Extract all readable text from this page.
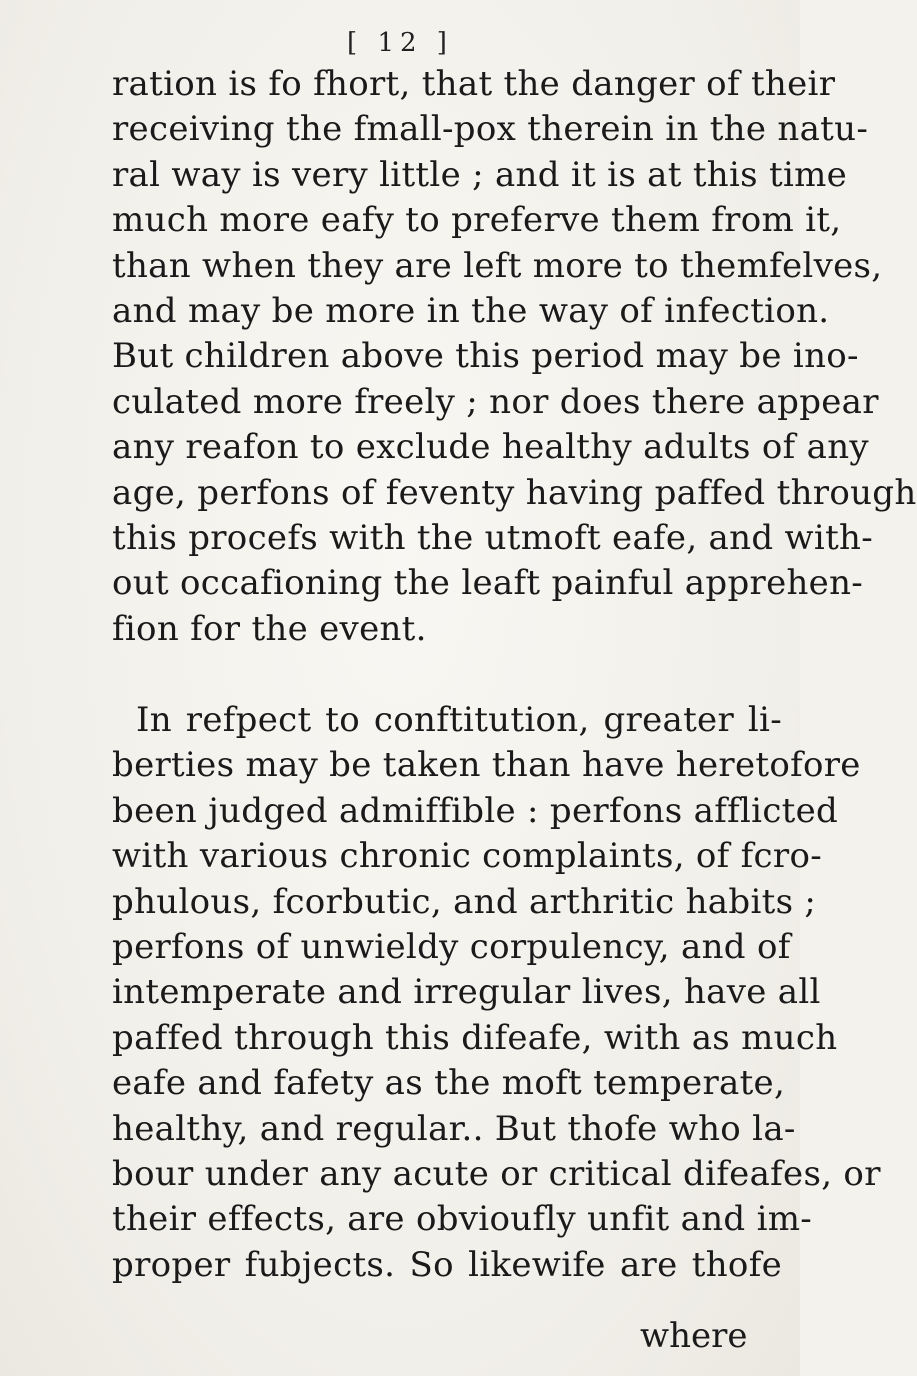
[ 12 ]
ration is fo fhort, that the danger of their
receiving the fmall-pox therein in the natu-
ral way is very little ; and it is at this time
much more eafy to preferve them from it,
than when they are left more to themfelves,
and may be more in the way of infection.
But children above this period may be ino-
culated more freely ; nor does there appear
any reafon to exclude healthy adults of any
age, perfons of feventy having paffed through
this procefs with the utmoft eafe, and with-
out occafioning the leaft painful apprehen-
fion for the event.
In refpect to conftitution, greater li-
berties may be taken than have heretofore
been judged admiffible : perfons afflicted
with various chronic complaints, of fcro-
phulous, fcorbutic, and arthritic habits ;
perfons of unwieldy corpulency, and of
intemperate and irregular lives, have all
paffed through this difeafe, with as much
eafe and fafety as the moft temperate,
healthy, and regular.. But thofe who la-
bour under any acute or critical difeafes, or
their effects, are obvioufly unfit and im-
proper fubjects. So likewife are thofe
where
